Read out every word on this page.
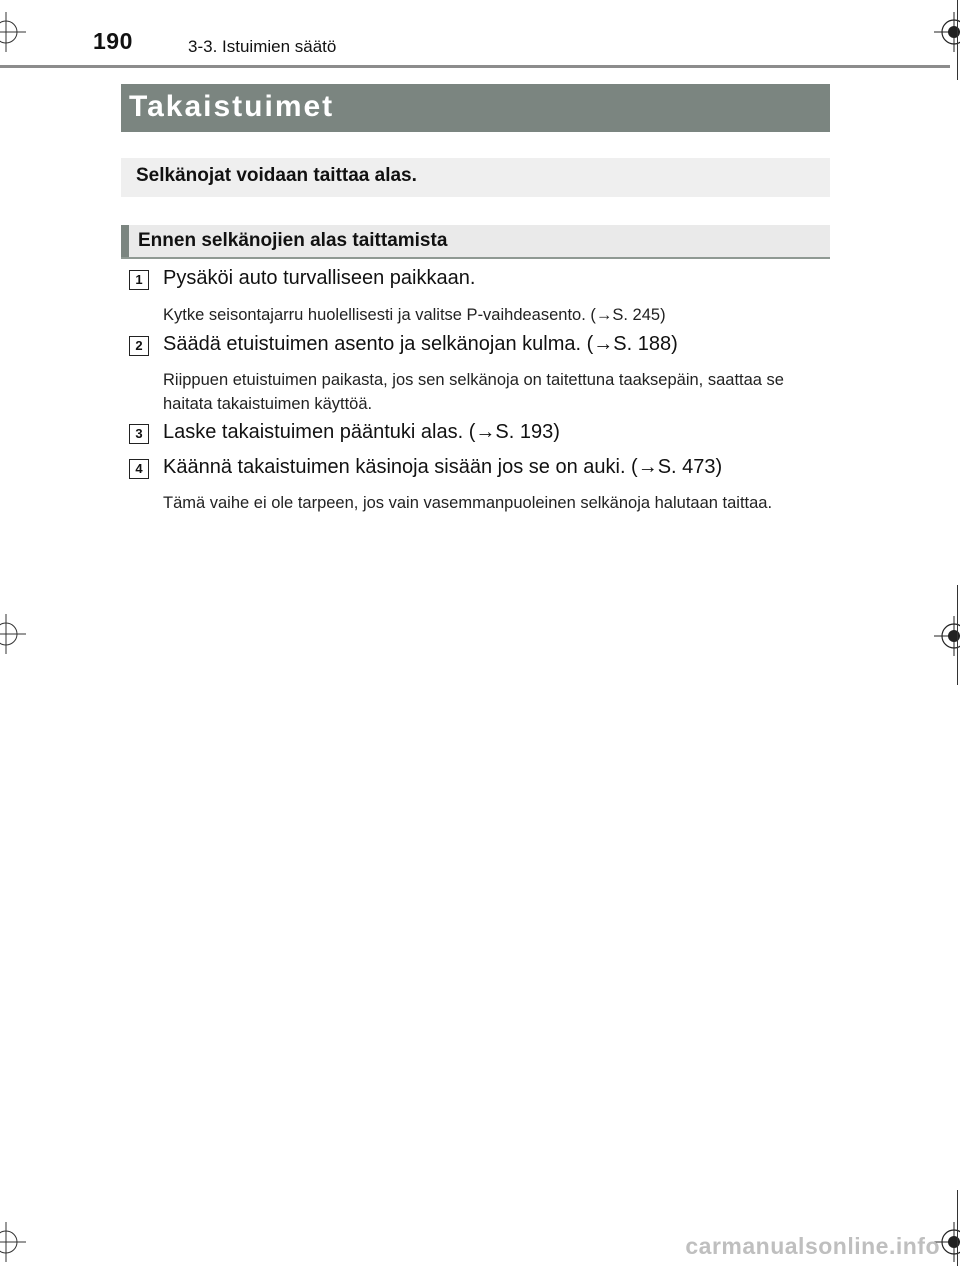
190	3-3. Istuimien säätö
Takaistuimet
Selkänojat voidaan taittaa alas.
Ennen selkänojien alas taittamista
1	Pysäköi auto turvalliseen paikkaan.
Kytke seisontajarru huolellisesti ja valitse P-vaihdeasento. (→S. 245)
2	Säädä etuistuimen asento ja selkänojan kulma. (→S. 188)
Riippuen etuistuimen paikasta, jos sen selkänoja on taitettuna taaksepäin, saattaa se haitata takaistuimen käyttöä.
3	Laske takaistuimen pääntuki alas. (→S. 193)
4	Käännä takaistuimen käsinoja sisään jos se on auki. (→S. 473)
Tämä vaihe ei ole tarpeen, jos vain vasemmanpuoleinen selkänoja halutaan taittaa.
carmanualsonline.info
